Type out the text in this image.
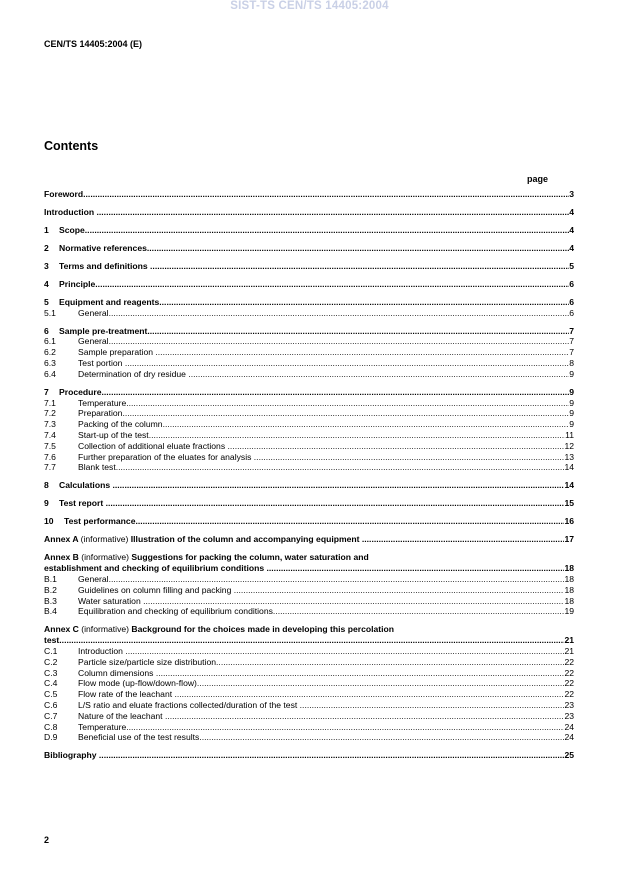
SIST-TS CEN/TS 14405:2004
CEN/TS 14405:2004 (E)
Contents
page
Foreword .....	3
Introduction .....	4
1 Scope .....	4
2 Normative references .....	4
3 Terms and definitions .....	5
4 Principle .....	6
5 Equipment and reagents .....	6
5.1	General .....	6
6 Sample pre-treatment .....	7
6.1	General .....	7
6.2	Sample preparation .....	7
6.3	Test portion .....	8
6.4	Determination of dry residue .....	9
7 Procedure .....	9
7.1	Temperature .....	9
7.2	Preparation .....	9
7.3	Packing of the column .....	9
7.4	Start-up of the test .....	11
7.5	Collection of additional eluate fractions .....	12
7.6	Further preparation of the eluates for analysis .....	13
7.7	Blank test .....	14
8 Calculations .....	14
9 Test report .....	15
10 Test performance .....	16
Annex A (informative) Illustration of the column and accompanying equipment .....	17
Annex B (informative) Suggestions for packing the column, water saturation and
establishment and checking of equilibrium conditions .....	18
B.1 General .....	18
B.2 Guidelines on column filling and packing .....	18
B.3 Water saturation .....	18
B.4 Equilibration and checking of equilibrium conditions .....	19
Annex C (informative) Background for the choices made in developing this percolation
test .....	21
C.1 Introduction .....	21
C.2 Particle size/particle size distribution .....	22
C.3 Column dimensions .....	22
C.4 Flow mode (up-flow/down-flow) .....	22
C.5 Flow rate of the leachant .....	22
C.6 L/S ratio and eluate fractions collected/duration of the test .....	23
C.7 Nature of the leachant .....	23
C.8 Temperature .....	24
D.9 Beneficial use of the test results .....	24
Bibliography .....	25
2
